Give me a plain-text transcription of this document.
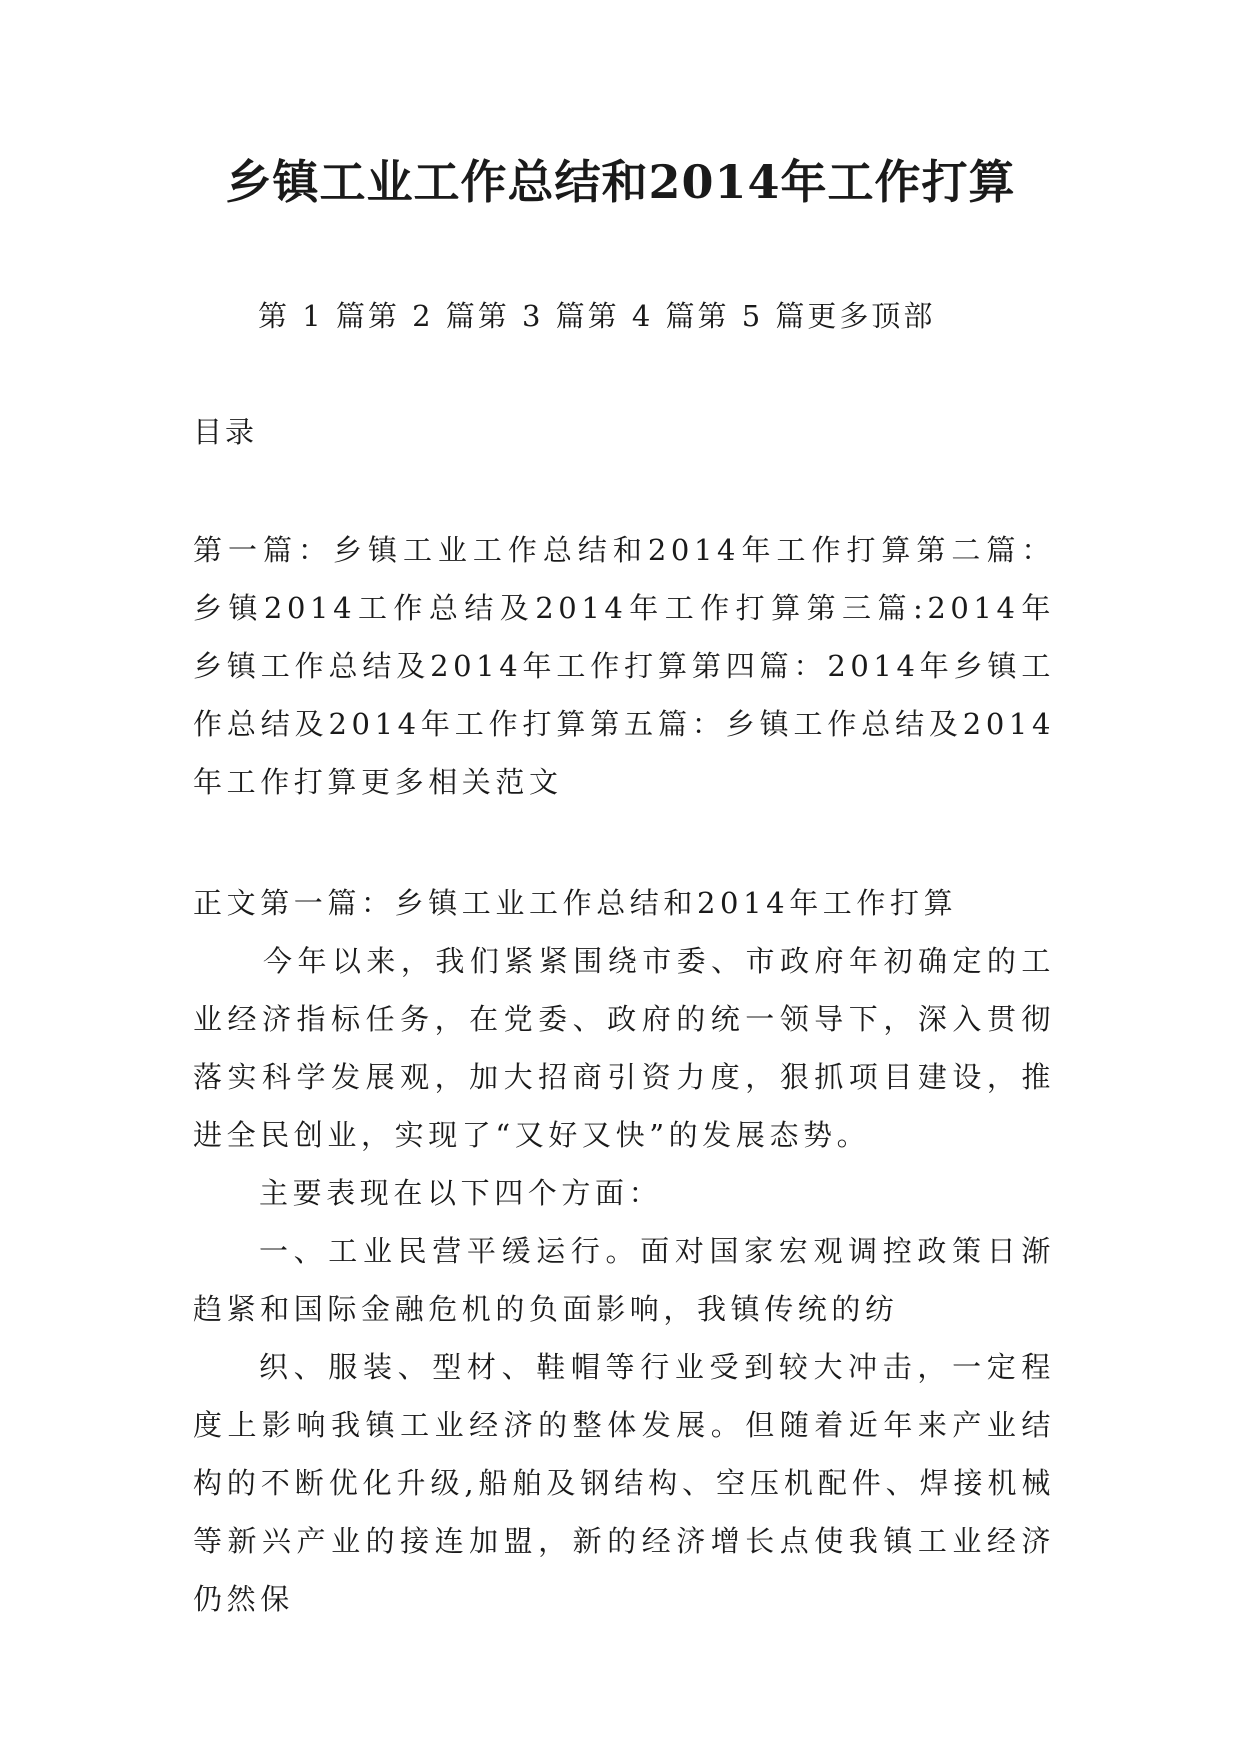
乡镇工业工作总结和2014年工作打算
第 1 篇第 2 篇第 3 篇第 4 篇第 5 篇更多顶部
目录
第一篇：乡镇工业工作总结和2014年工作打算第二篇：乡镇2014工作总结及2014年工作打算第三篇:2014年乡镇工作总结及2014年工作打算第四篇：2014年乡镇工作总结及2014年工作打算第五篇：乡镇工作总结及2014年工作打算更多相关范文

正文第一篇：乡镇工业工作总结和2014年工作打算

今年以来，我们紧紧围绕市委、市政府年初确定的工业经济指标任务，在党委、政府的统一领导下，深入贯彻落实科学发展观，加大招商引资力度，狠抓项目建设，推进全民创业，实现了“又好又快”的发展态势。

主要表现在以下四个方面：

一、工业民营平缓运行。面对国家宏观调控政策日渐趋紧和国际金融危机的负面影响，我镇传统的纺

织、服装、型材、鞋帽等行业受到较大冲击，一定程度上影响我镇工业经济的整体发展。但随着近年来产业结构的不断优化升级,船舶及钢结构、空压机配件、焊接机械等新兴产业的接连加盟，新的经济增长点使我镇工业经济仍然保
